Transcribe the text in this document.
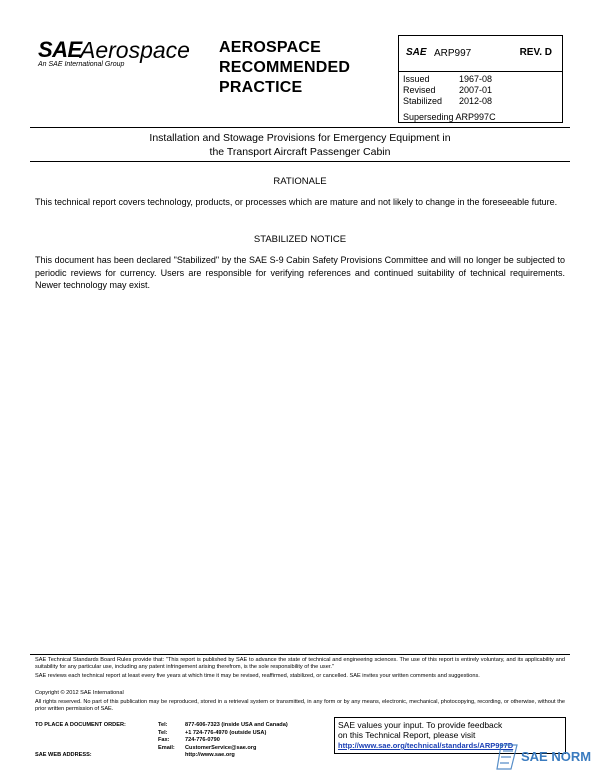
SAE
Aerospace
An SAE International Group
AEROSPACE
RECOMMENDED
PRACTICE
SAE ARP997	REV. D
Issued	1967-08
Revised	2007-01
Stabilized	2012-08
Superseding ARP997C
Installation and Stowage Provisions for Emergency Equipment in
the Transport Aircraft Passenger Cabin
RATIONALE
This technical report covers technology, products, or processes which are mature and not likely to change in the foreseeable future.
STABILIZED NOTICE
This document has been declared "Stabilized" by the SAE S-9 Cabin Safety Provisions Committee and will no longer be subjected to periodic reviews for currency. Users are responsible for verifying references and continued suitability of technical requirements. Newer technology may exist.
SAE Technical Standards Board Rules provide that: "This report is published by SAE to advance the state of technical and engineering sciences. The use of this report is entirely voluntary, and its applicability and suitability for any particular use, including any patent infringement arising therefrom, is the sole responsibility of the user."
SAE reviews each technical report at least every five years at which time it may be revised, reaffirmed, stabilized, or cancelled. SAE invites your written comments and suggestions.
Copyright © 2012 SAE International
All rights reserved. No part of this publication may be reproduced, stored in a retrieval system or transmitted, in any form or by any means, electronic, mechanical, photocopying, recording, or otherwise, without the prior written permission of SAE.
TO PLACE A DOCUMENT ORDER:	Tel:	877-606-7323 (inside USA and Canada)
Tel:	+1 724-776-4970 (outside USA)
Fax:	724-776-0790
Email:	CustomerService@sae.org
SAE WEB ADDRESS:	http://www.sae.org
SAE values your input. To provide feedback
on this Technical Report, please visit
http://www.sae.org/technical/standards/ARP997D
SAE NORM
